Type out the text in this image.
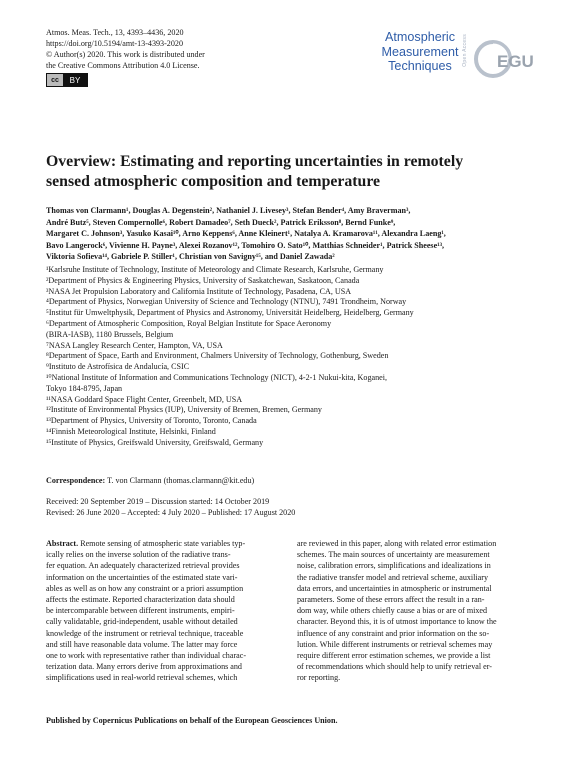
Atmos. Meas. Tech., 13, 4393–4436, 2020
https://doi.org/10.5194/amt-13-4393-2020
© Author(s) 2020. This work is distributed under
the Creative Commons Attribution 4.0 License.
cc	BY
Atmospheric
Measurement
Techniques	Open Access EGU
Overview: Estimating and reporting uncertainties in remotely
sensed atmospheric composition and temperature
Thomas von Clarmann¹, Douglas A. Degenstein², Nathaniel J. Livesey³, Stefan Bender⁴, Amy Braverman³,
André Butz⁵, Steven Compernolle⁶, Robert Damadeo⁷, Seth Dueck², Patrick Eriksson⁸, Bernd Funke⁹,
Margaret C. Johnson³, Yasuko Kasai¹⁰, Arno Keppens⁶, Anne Kleinert¹, Natalya A. Kramarova¹¹, Alexandra Laeng¹,
Bavo Langerock⁶, Vivienne H. Payne³, Alexei Rozanov¹², Tomohiro O. Sato¹⁰, Matthias Schneider¹, Patrick Sheese¹³,
Viktoria Sofieva¹⁴, Gabriele P. Stiller¹, Christian von Savigny¹⁵, and Daniel Zawada²
¹Karlsruhe Institute of Technology, Institute of Meteorology and Climate Research, Karlsruhe, Germany
²Department of Physics & Engineering Physics, University of Saskatchewan, Saskatoon, Canada
³NASA Jet Propulsion Laboratory and California Institute of Technology, Pasadena, CA, USA
⁴Department of Physics, Norwegian University of Science and Technology (NTNU), 7491 Trondheim, Norway
⁵Institut für Umweltphysik, Department of Physics and Astronomy, Universität Heidelberg, Heidelberg, Germany
⁶Department of Atmospheric Composition, Royal Belgian Institute for Space Aeronomy
(BIRA-IASB), 1180 Brussels, Belgium
⁷NASA Langley Research Center, Hampton, VA, USA
⁸Department of Space, Earth and Environment, Chalmers University of Technology, Gothenburg, Sweden
⁹Instituto de Astrofísica de Andalucía, CSIC
¹⁰National Institute of Information and Communications Technology (NICT), 4-2-1 Nukui-kita, Koganei,
Tokyo 184-8795, Japan
¹¹NASA Goddard Space Flight Center, Greenbelt, MD, USA
¹²Institute of Environmental Physics (IUP), University of Bremen, Bremen, Germany
¹³Department of Physics, University of Toronto, Toronto, Canada
¹⁴Finnish Meteorological Institute, Helsinki, Finland
¹⁵Institute of Physics, Greifswald University, Greifswald, Germany
Correspondence: T. von Clarmann (thomas.clarmann@kit.edu)
Received: 20 September 2019 – Discussion started: 14 October 2019
Revised: 26 June 2020 – Accepted: 4 July 2020 – Published: 17 August 2020
Abstract. Remote sensing of atmospheric state variables typ-
ically relies on the inverse solution of the radiative trans-
fer equation. An adequately characterized retrieval provides
information on the uncertainties of the estimated state vari-
ables as well as on how any constraint or a priori assumption
affects the estimate. Reported characterization data should
be intercomparable between different instruments, empiri-
cally validatable, grid-independent, usable without detailed
knowledge of the instrument or retrieval technique, traceable
and still have reasonable data volume. The latter may force
one to work with representative rather than individual charac-
terization data. Many errors derive from approximations and
simplifications used in real-world retrieval schemes, which
are reviewed in this paper, along with related error estimation
schemes. The main sources of uncertainty are measurement
noise, calibration errors, simplifications and idealizations in
the radiative transfer model and retrieval scheme, auxiliary
data errors, and uncertainties in atmospheric or instrumental
parameters. Some of these errors affect the result in a ran-
dom way, while others chiefly cause a bias or are of mixed
character. Beyond this, it is of utmost importance to know the
influence of any constraint and prior information on the so-
lution. While different instruments or retrieval schemes may
require different error estimation schemes, we provide a list
of recommendations which should help to unify retrieval er-
ror reporting.
Published by Copernicus Publications on behalf of the European Geosciences Union.
